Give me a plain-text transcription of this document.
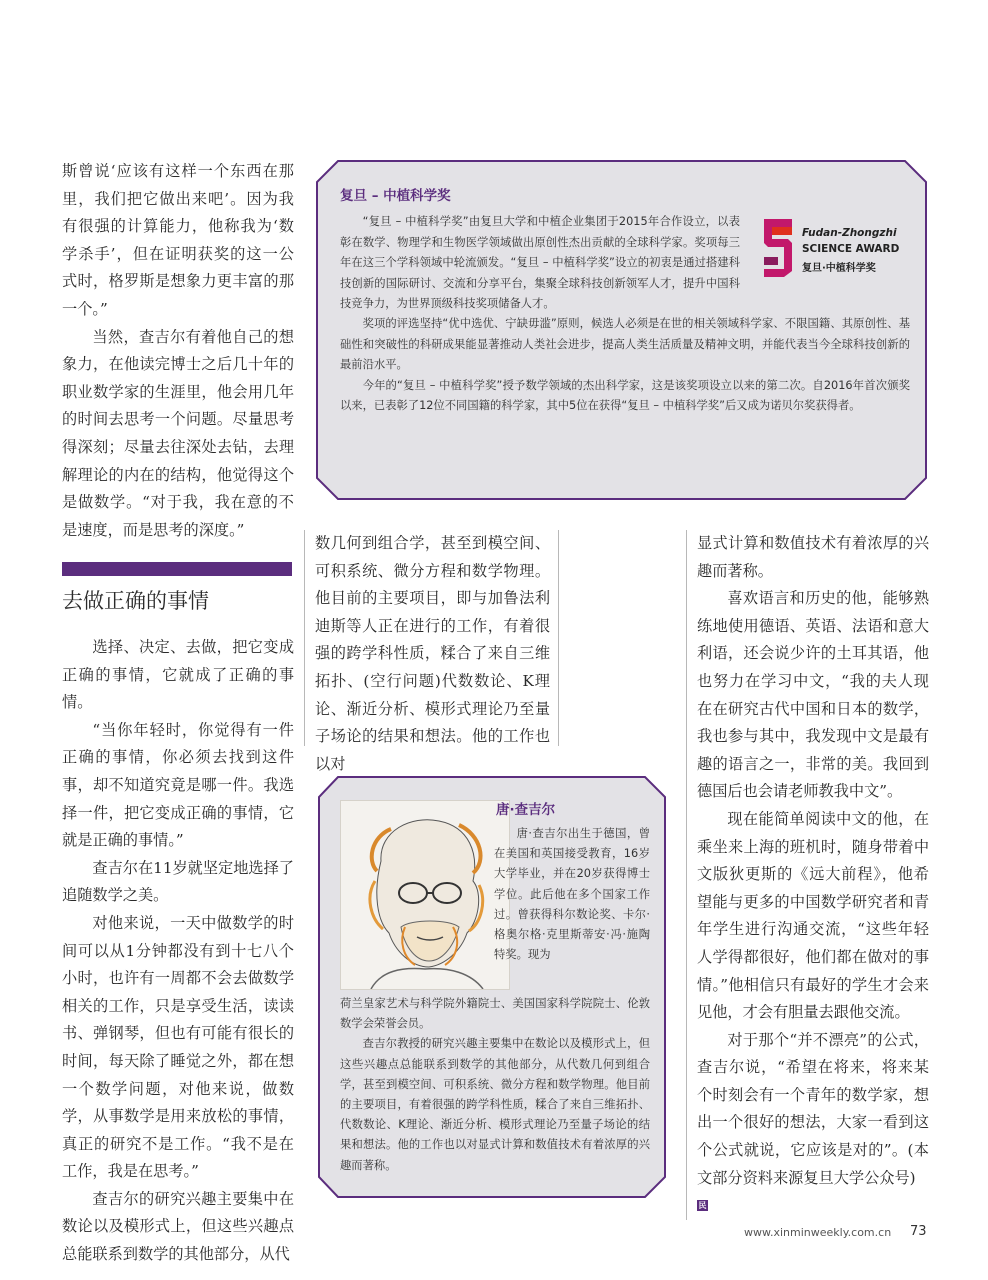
斯曾说‘应该有这样一个东西在那里，我们把它做出来吧’。因为我有很强的计算能力，他称我为‘数学杀手’，但在证明获奖的这一公式时，格罗斯是想象力更丰富的那一个。”

当然，查吉尔有着他自己的想象力，在他读完博士之后几十年的职业数学家的生涯里，他会用几年的时间去思考一个问题。尽量思考得深刻；尽量去往深处去钻，去理解理论的内在的结构，他觉得这个是做数学。“对于我，我在意的不是速度，而是思考的深度。”

去做正确的事情

选择、决定、去做，把它变成正确的事情，它就成了正确的事情。

“当你年轻时，你觉得有一件正确的事情，你必须去找到这件事，却不知道究竟是哪一件。我选择一件，把它变成正确的事情，它就是正确的事情。”

查吉尔在11岁就坚定地选择了追随数学之美。

对他来说，一天中做数学的时间可以从1分钟都没有到十七八个小时，也许有一周都不会去做数学相关的工作，只是享受生活，读读书、弹钢琴，但也有可能有很长的时间，每天除了睡觉之外，都在想一个数学问题，对他来说，做数学，从事数学是用来放松的事情，真正的研究不是工作。“我不是在工作，我是在思考。”

查吉尔的研究兴趣主要集中在数论以及模形式上，但这些兴趣点总能联系到数学的其他部分，从代

数几何到组合学，甚至到模空间、可积系统、微分方程和数学物理。他目前的主要项目，即与加鲁法利迪斯等人正在进行的工作，有着很强的跨学科性质，糅合了来自三维拓扑、(空行问题)代数数论、K理论、渐近分析、模形式理论乃至量子场论的结果和想法。他的工作也以对

显式计算和数值技术有着浓厚的兴趣而著称。

喜欢语言和历史的他，能够熟练地使用德语、英语、法语和意大利语，还会说少许的土耳其语，他也努力在学习中文，“我的夫人现在在研究古代中国和日本的数学，我也参与其中，我发现中文是最有趣的语言之一，非常的美。我回到德国后也会请老师教我中文”。

现在能简单阅读中文的他，在乘坐来上海的班机时，随身带着中文版狄更斯的《远大前程》，他希望能与更多的中国数学研究者和青年学生进行沟通交流，“这些年轻人学得都很好，他们都在做对的事情。”他相信只有最好的学生才会来见他，才会有胆量去跟他交流。

对于那个“并不漂亮”的公式，查吉尔说，“希望在将来，将来某个时刻会有一个青年的数学家，想出一个很好的想法，大家一看到这个公式就说，它应该是对的”。(本文部分资料来源复旦大学公众号)

复旦 – 中植科学奖

“复旦 – 中植科学奖”由复旦大学和中植企业集团于2015年合作设立，以表彰在数学、物理学和生物医学领域做出原创性杰出贡献的全球科学家。奖项每三年在这三个学科领域中轮流颁发。“复旦 – 中植科学奖”设立的初衷是通过搭建科技创新的国际研讨、交流和分享平台，集聚全球科技创新领军人才，提升中国科技竞争力，为世界顶级科技奖项储备人才。

奖项的评选坚持“优中选优、宁缺毋滥”原则，候选人必须是在世的相关领域科学家、不限国籍、其原创性、基础性和突破性的科研成果能显著推动人类社会进步，提高人类生活质量及精神文明，并能代表当今全球科技创新的最前沿水平。

今年的“复旦 – 中植科学奖”授予数学领域的杰出科学家，这是该奖项设立以来的第二次。自2016年首次颁奖以来，已表彰了12位不同国籍的科学家，其中5位在获得“复旦 – 中植科学奖”后又成为诺贝尔奖获得者。

Fudan-Zhongzhi
SCIENCE AWARD
复旦·中植科学奖
唐·查吉尔

唐·查吉尔出生于德国，曾在美国和英国接受教育，16岁大学毕业，并在20岁获得博士学位。此后他在多个国家工作过。曾获得科尔数论奖、卡尔·格奥尔格·克里斯蒂安·冯·施陶特奖。现为

荷兰皇家艺术与科学院外籍院士、美国国家科学院院士、伦敦数学会荣誉会员。

查吉尔教授的研究兴趣主要集中在数论以及模形式上，但这些兴趣点总能联系到数学的其他部分，从代数几何到组合学，甚至到模空间、可积系统、微分方程和数学物理。他目前的主要项目，有着很强的跨学科性质，糅合了来自三维拓扑、代数数论、K理论、渐近分析、模形式理论乃至量子场论的结果和想法。他的工作也以对显式计算和数值技术有着浓厚的兴趣而著称。

民
www.xinminweekly.com.cn 73
